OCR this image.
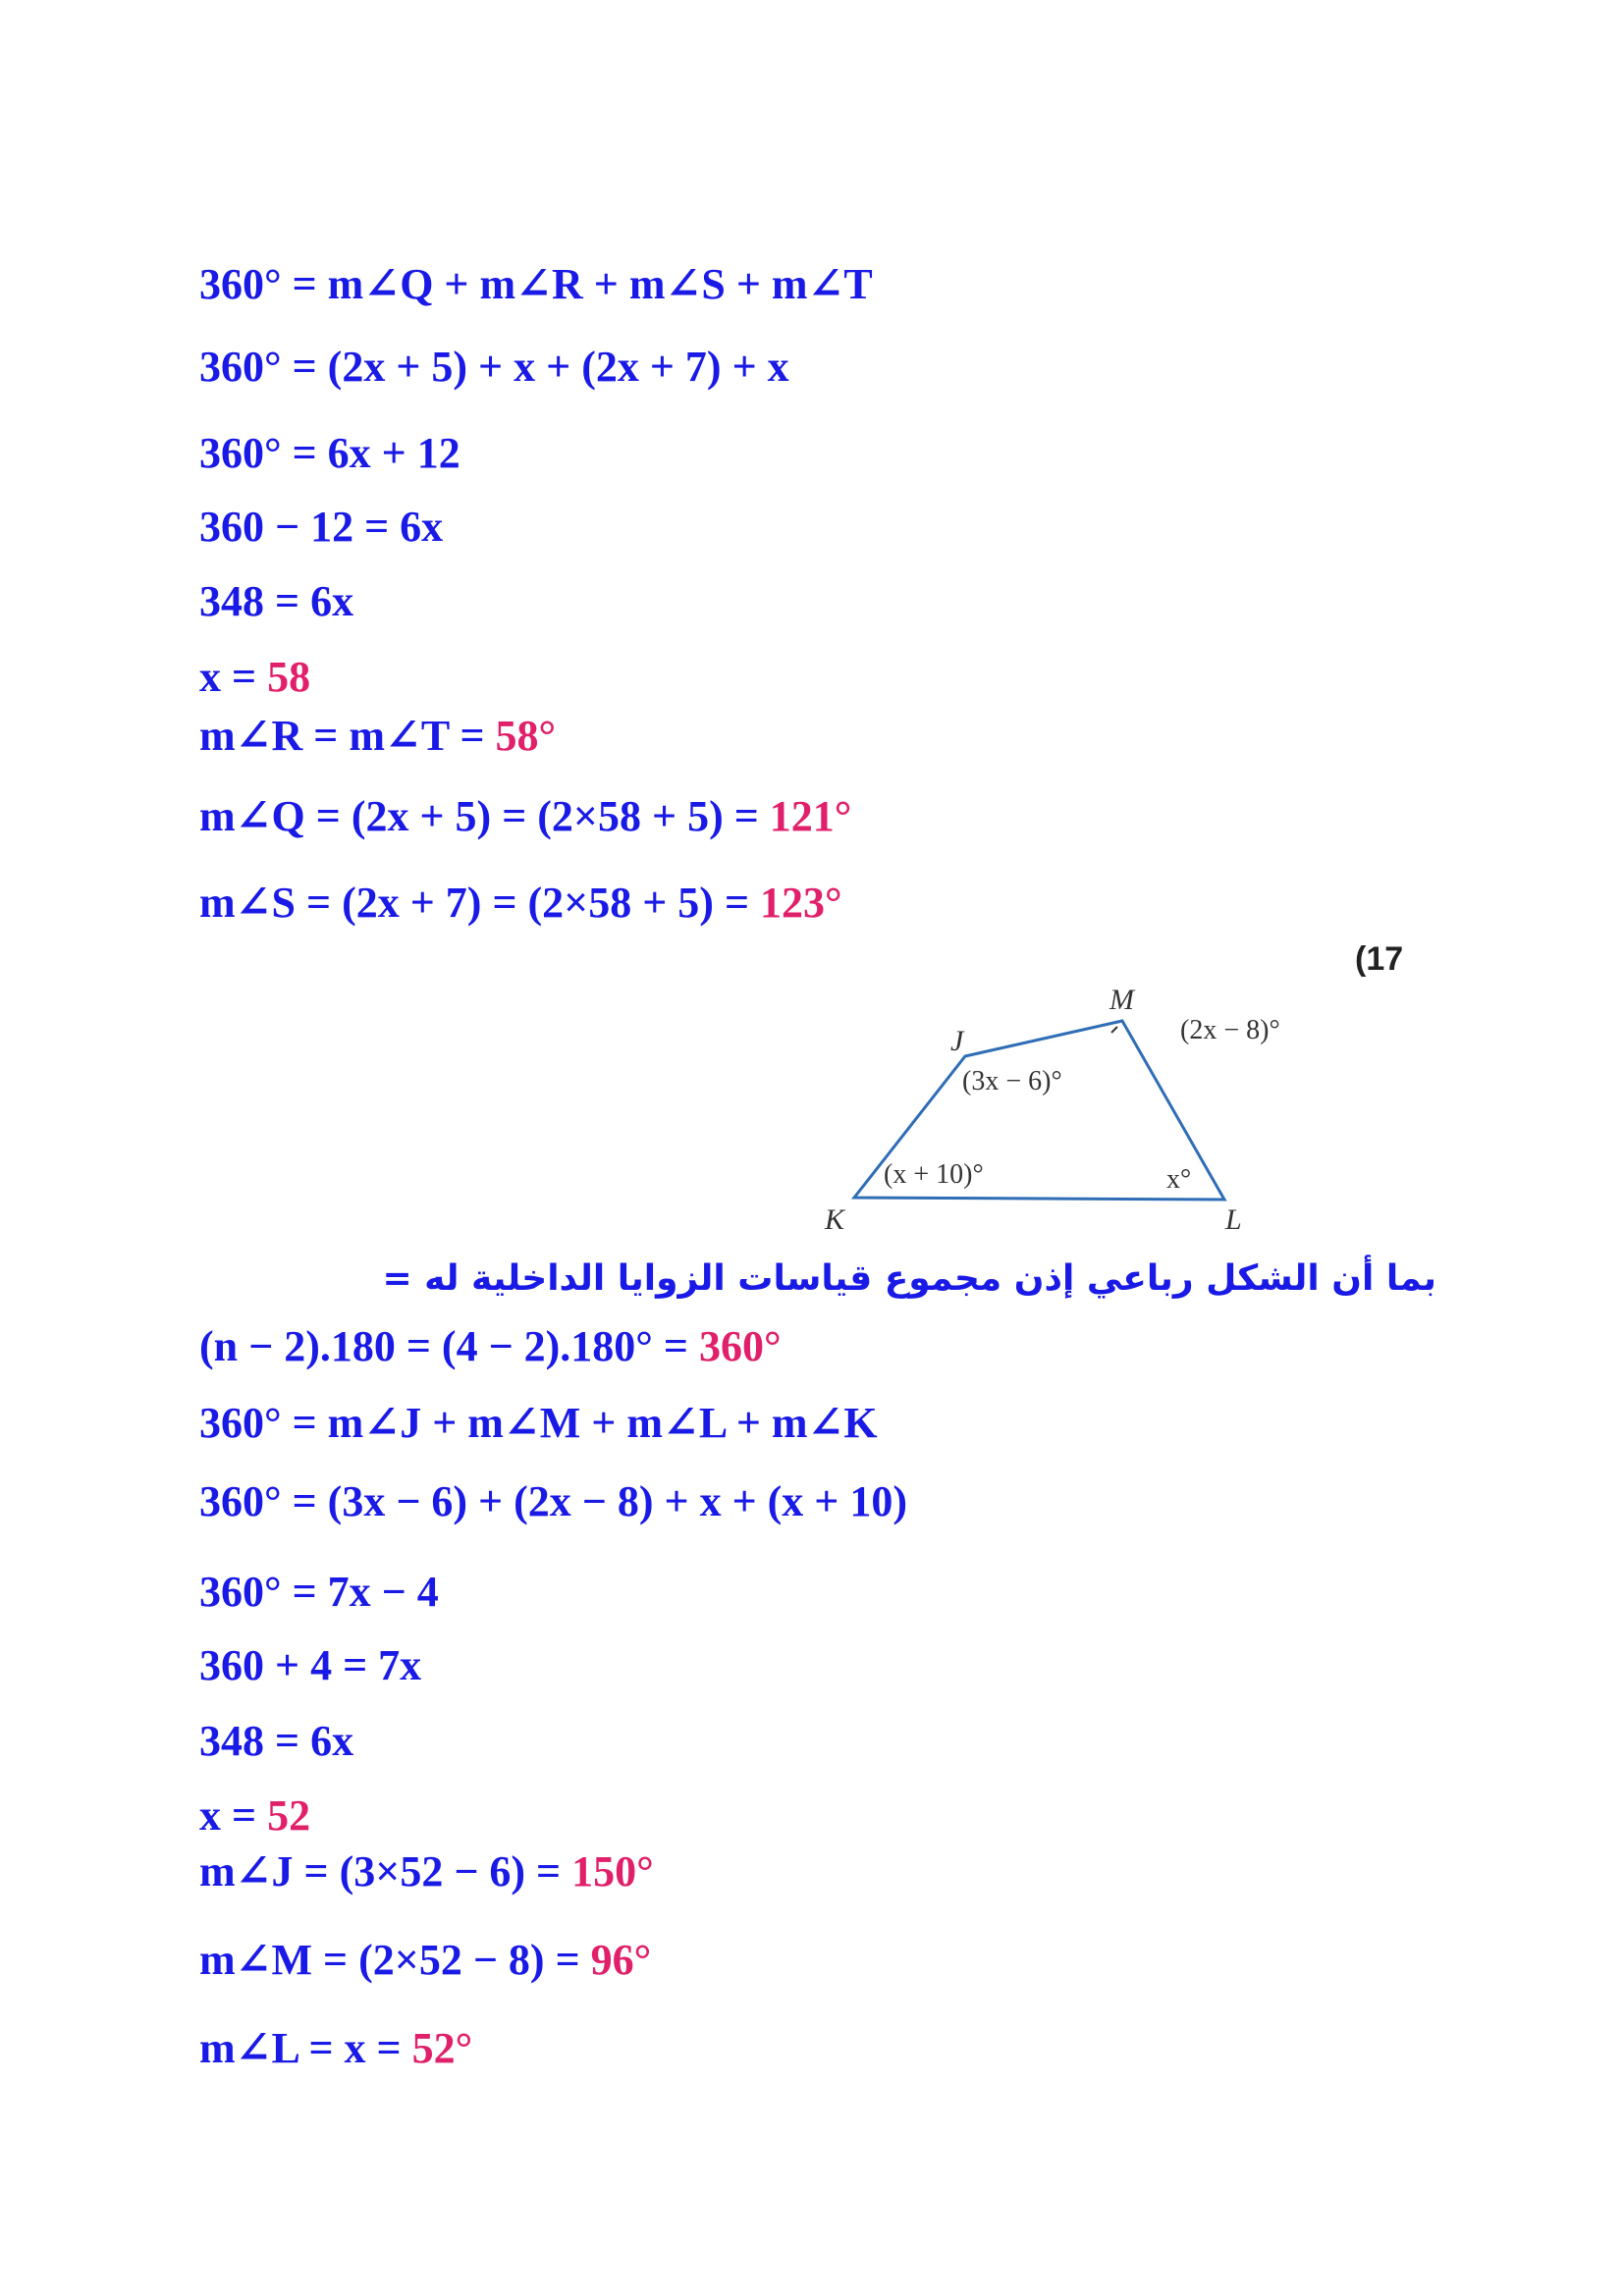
360° = m∠Q + m∠R + m∠S + m∠T
360° = (2x + 5) + x + (2x + 7) + x
360° = 6x + 12
360 − 12 = 6x
348 = 6x
x = 58
m∠R = m∠T = 58°
m∠Q = (2x + 5) = (2×58 + 5) = 121°
m∠S = (2x + 7) = (2×58 + 5) = 123°
(17
J
M
K	L
(3x − 6)°
(2x − 8)°
(x + 10)°	x°
بما أن الشكل رباعي إذن مجموع قياسات الزوايا الداخلية له =
(n − 2).180 = (4 − 2).180° = 360°
360° = m∠J + m∠M + m∠L + m∠K
360° = (3x − 6) + (2x − 8) + x + (x + 10)
360° = 7x − 4
360 + 4 = 7x
348 = 6x
x = 52
m∠J = (3×52 − 6) = 150°
m∠M = (2×52 − 8) = 96°
m∠L = x = 52°
